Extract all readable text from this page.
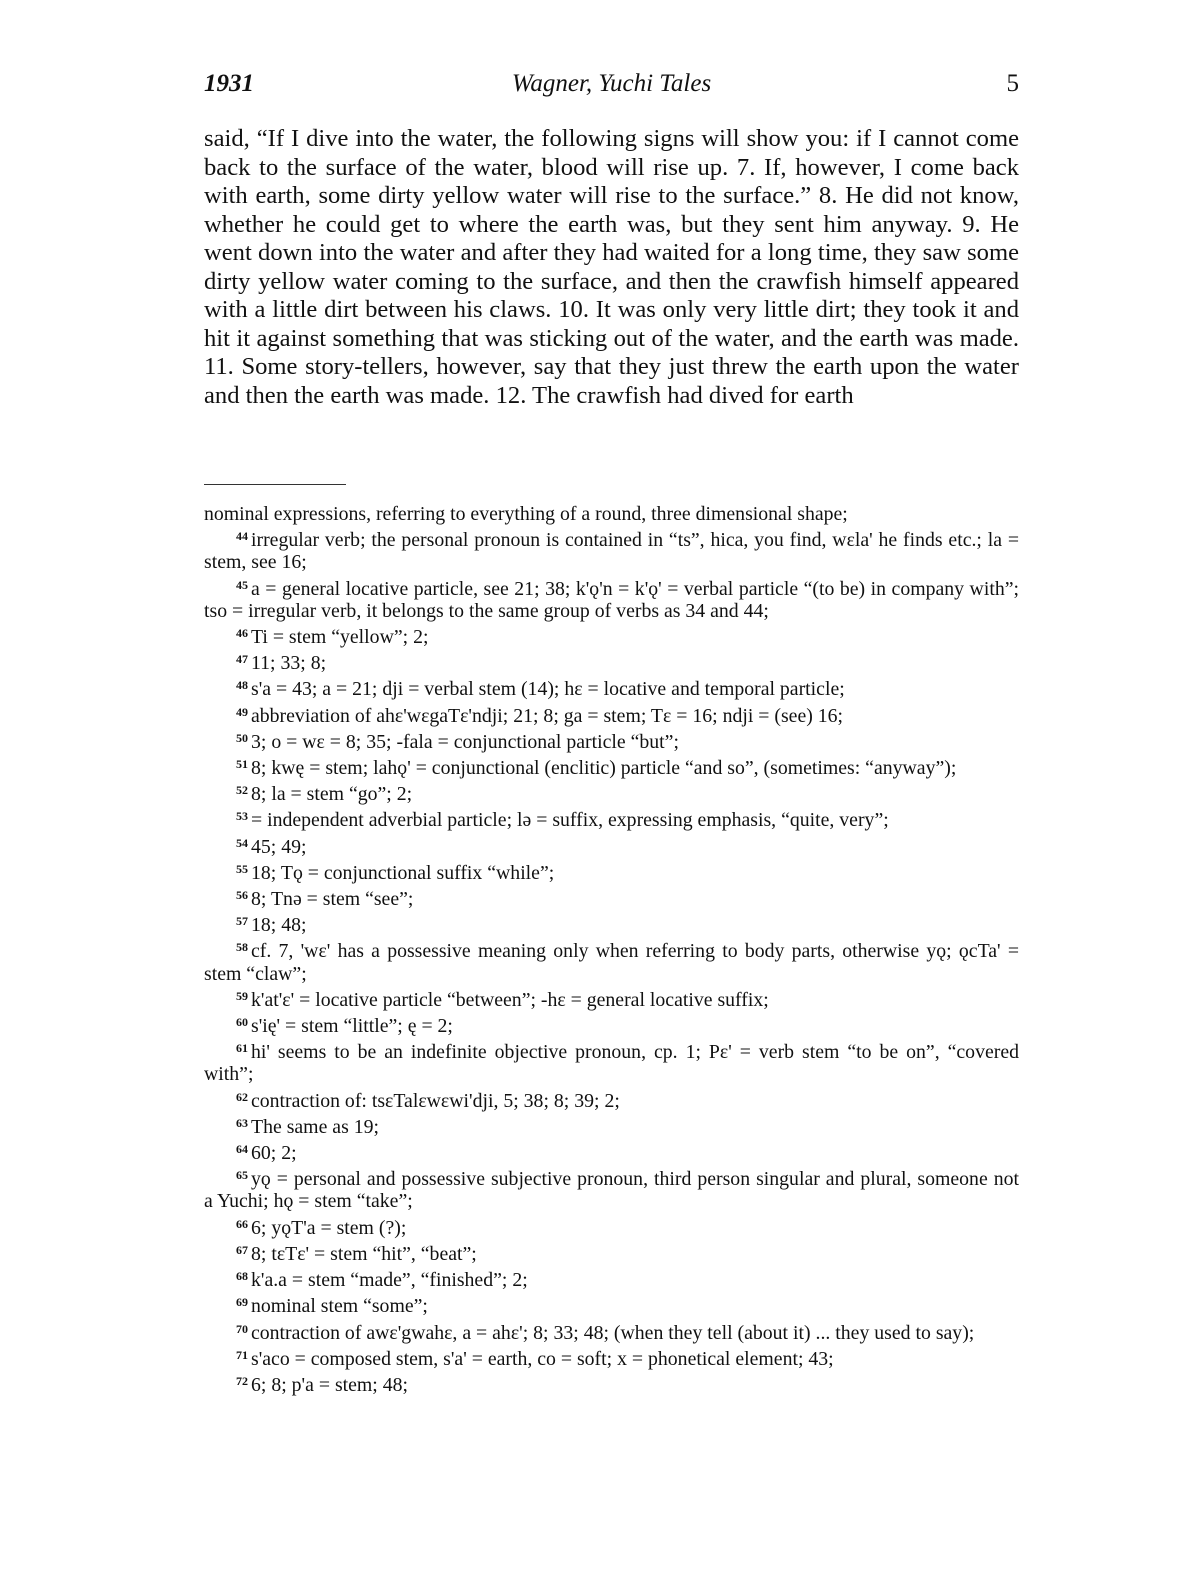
1931	Wagner, Yuchi Tales	5
said, “If I dive into the water, the following signs will show you: if I cannot come back to the surface of the water, blood will rise up. 7. If, however, I come back with earth, some dirty yellow water will rise to the surface.” 8. He did not know, whether he could get to where the earth was, but they sent him anyway. 9. He went down into the water and after they had waited for a long time, they saw some dirty yellow water coming to the surface, and then the crawfish himself appeared with a little dirt between his claws. 10. It was only very little dirt; they took it and hit it against something that was sticking out of the water, and the earth was made. 11. Some story-tellers, however, say that they just threw the earth upon the water and then the earth was made. 12. The crawfish had dived for earth

nominal expressions, referring to everything of a round, three dimensional shape;

$^{44}$ irregular verb; the personal pronoun is contained in “ts”, hica, you find, wɛla' he finds etc.; la = stem, see 16;

$^{45}$ a = general locative particle, see 21; 38; k'ǫ'n = k'ǫ' = verbal particle “(to be) in company with”; tso = irregular verb, it belongs to the same group of verbs as 34 and 44;

$^{46}$ Ti = stem “yellow”; 2;

$^{47}$ 11; 33; 8;

$^{48}$ s'a = 43; a = 21; dji = verbal stem (14); hɛ = locative and temporal particle;

$^{49}$ abbreviation of ahɛ'wɛgaTɛ'ndji; 21; 8; ga = stem; Tɛ = 16; ndji = (see) 16;

$^{50}$ 3; o = wɛ = 8; 35; -fala = conjunctional particle “but”;

$^{51}$ 8; kwę = stem; lahǫ' = conjunctional (enclitic) particle “and so”, (sometimes: “anyway”);

$^{52}$ 8; la = stem “go”; 2;

$^{53}$ = independent adverbial particle; lə = suffix, expressing emphasis, “quite, very”;

$^{54}$ 45; 49;

$^{55}$ 18; Tǫ = conjunctional suffix “while”;

$^{56}$ 8; Tnə = stem “see”;

$^{57}$ 18; 48;

$^{58}$ cf. 7, 'wɛ' has a possessive meaning only when referring to body parts, otherwise yǫ; ǫcTa' = stem “claw”;

$^{59}$ k'at'ɛ' = locative particle “between”; -hɛ = general locative suffix;

$^{60}$ s'ię' = stem “little”; ę = 2;

$^{61}$ hi' seems to be an indefinite objective pronoun, cp. 1; Pɛ' = verb stem “to be on”, “covered with”;

$^{62}$ contraction of: tsɛTalɛwɛwi'dji, 5; 38; 8; 39; 2;

$^{63}$ The same as 19;

$^{64}$ 60; 2;

$^{65}$ yǫ = personal and possessive subjective pronoun, third person singular and plural, someone not a Yuchi; hǫ = stem “take”;

$^{66}$ 6; yǫT'a = stem (?);

$^{67}$ 8; tɛTɛ' = stem “hit”, “beat”;

$^{68}$ k'a.a = stem “made”, “finished”; 2;

$^{69}$ nominal stem “some”;

$^{70}$ contraction of awɛ'gwahɛ, a = ahɛ'; 8; 33; 48; (when they tell (about it) ... they used to say);

$^{71}$ s'aco = composed stem, s'a' = earth, co = soft; x = phonetical element; 43;

$^{72}$ 6; 8; p'a = stem; 48;
